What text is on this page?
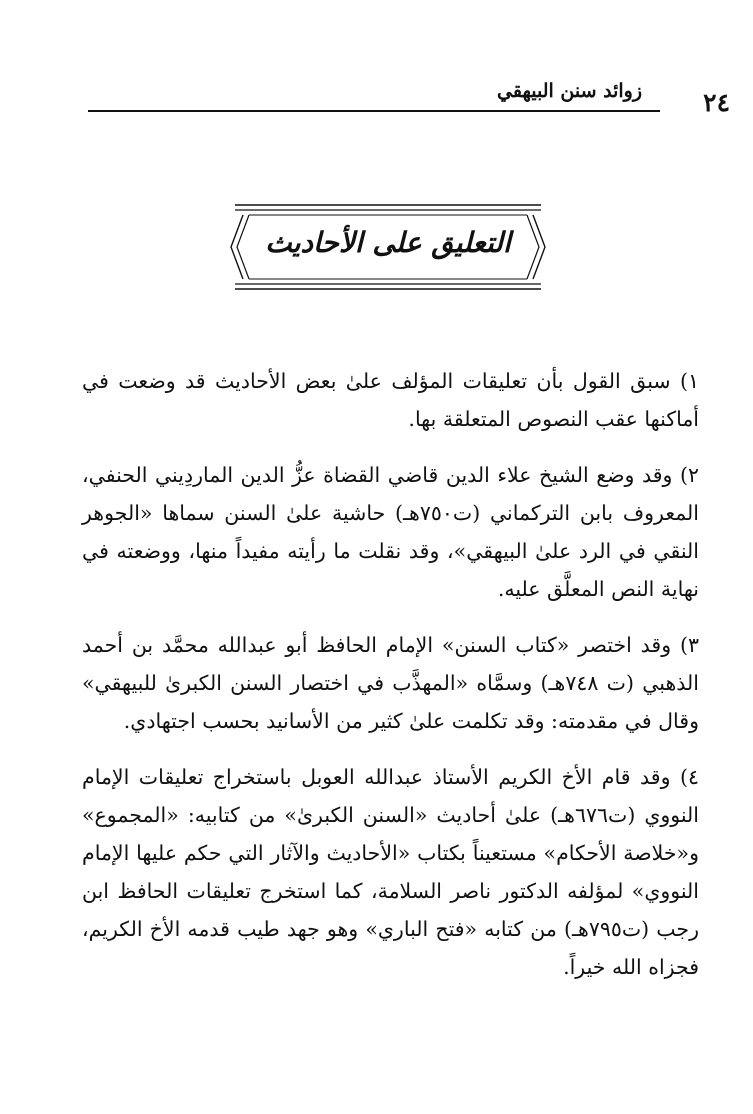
٢٤
زوائد سنن البيهقي
التعليق على الأحاديث

١) سبق القول بأن تعليقات المؤلف علىٰ بعض الأحاديث قد وضعت في أماكنها عقب النصوص المتعلقة بها.

٢) وقد وضع الشيخ علاء الدين قاضي القضاة عزُّ الدين الماردِيني الحنفي، المعروف بابن التركماني (ت٧٥٠هـ) حاشية علىٰ السنن سماها «الجوهر النقي في الرد علىٰ البيهقي»، وقد نقلت ما رأيته مفيداً منها، ووضعته في نهاية النص المعلَّق عليه.

٣) وقد اختصر «كتاب السنن» الإمام الحافظ أبو عبدالله محمَّد بن أحمد الذهبي (ت ٧٤٨هـ) وسمَّاه «المهذَّب في اختصار السنن الكبرىٰ للبيهقي» وقال في مقدمته: وقد تكلمت علىٰ كثير من الأسانيد بحسب اجتهادي.

٤) وقد قام الأخ الكريم الأستاذ عبدالله العوبل باستخراج تعليقات الإمام النووي (ت٦٧٦هـ) علىٰ أحاديث «السنن الكبرىٰ» من كتابيه: «المجموع» و«خلاصة الأحكام» مستعيناً بكتاب «الأحاديث والآثار التي حكم عليها الإمام النووي» لمؤلفه الدكتور ناصر السلامة، كما استخرج تعليقات الحافظ ابن رجب (ت٧٩٥هـ) من كتابه «فتح الباري» وهو جهد طيب قدمه الأخ الكريم، فجزاه الله خيراً.
